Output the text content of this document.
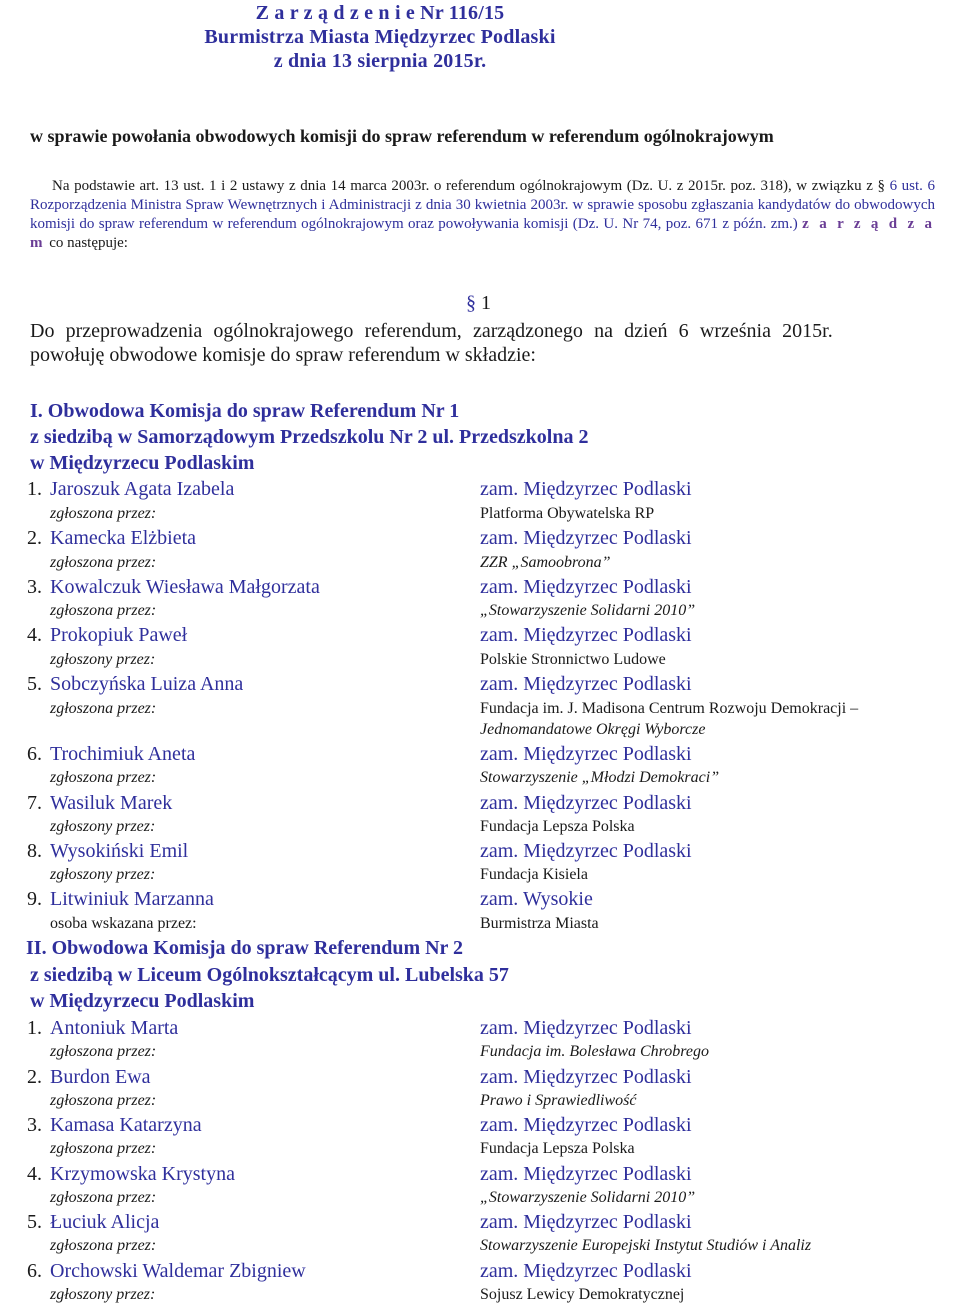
Z a r z ą d z e n i e Nr 116/15
Burmistrza Miasta Międzyrzec Podlaski
z dnia 13 sierpnia 2015r.
w sprawie powołania obwodowych komisji do spraw referendum w referendum ogólnokrajowym
Na podstawie art. 13 ust. 1 i 2 ustawy z dnia 14 marca 2003r. o referendum ogólnokrajowym (Dz. U. z 2015r. poz. 318), w związku z § 6 ust. 6 Rozporządzenia Ministra Spraw Wewnętrznych i Administracji z dnia 30 kwietnia 2003r. w sprawie sposobu zgłaszania kandydatów do obwodowych komisji do spraw referendum w referendum ogólnokrajowym oraz powoływania komisji (Dz. U. Nr 74, poz. 671 z późn. zm.) z a r z ą d z a m co następuje:
§ 1
Do przeprowadzenia ogólnokrajowego referendum, zarządzonego na dzień 6 września 2015r.
powołuję obwodowe komisje do spraw referendum w składzie:
I. Obwodowa Komisja do spraw Referendum Nr 1
z siedzibą w Samorządowym Przedszkolu Nr 2 ul. Przedszkolna 2
w Międzyrzecu Podlaskim
1. Jaroszuk Agata Izabela	zam. Międzyrzec Podlaski
zgłoszona przez:	Platforma Obywatelska RP
2. Kamecka Elżbieta	zam. Międzyrzec Podlaski
zgłoszona przez:	ZZR „Samoobrona”
3. Kowalczuk Wiesława Małgorzata	zam. Międzyrzec Podlaski
zgłoszona przez:	„Stowarzyszenie Solidarni 2010”
4. Prokopiuk Paweł	zam. Międzyrzec Podlaski
zgłoszony przez:	Polskie Stronnictwo Ludowe
5. Sobczyńska Luiza Anna	zam. Międzyrzec Podlaski
zgłoszona przez:	Fundacja im. J. Madisona Centrum Rozwoju Demokracji –
Jednomandatowe Okręgi Wyborcze
6. Trochimiuk Aneta	zam. Międzyrzec Podlaski
zgłoszona przez:	Stowarzyszenie „Młodzi Demokraci”
7. Wasiluk Marek	zam. Międzyrzec Podlaski
zgłoszony przez:	Fundacja Lepsza Polska
8. Wysokiński Emil	zam. Międzyrzec Podlaski
zgłoszony przez:	Fundacja Kisiela
9. Litwiniuk Marzanna	zam. Wysokie
osoba wskazana przez:	Burmistrza Miasta
II. Obwodowa Komisja do spraw Referendum Nr 2
z siedzibą w Liceum Ogólnokształcącym ul. Lubelska 57
w Międzyrzecu Podlaskim
1. Antoniuk Marta	zam. Międzyrzec Podlaski
zgłoszona przez:	Fundacja im. Bolesława Chrobrego
2. Burdon Ewa	zam. Międzyrzec Podlaski
zgłoszona przez:	Prawo i Sprawiedliwość
3. Kamasa Katarzyna	zam. Międzyrzec Podlaski
zgłoszona przez:	Fundacja Lepsza Polska
4. Krzymowska Krystyna	zam. Międzyrzec Podlaski
zgłoszona przez:	„Stowarzyszenie Solidarni 2010”
5. Łuciuk Alicja	zam. Międzyrzec Podlaski
zgłoszona przez:	Stowarzyszenie Europejski Instytut Studiów i Analiz
6. Orchowski Waldemar Zbigniew	zam. Międzyrzec Podlaski
zgłoszony przez:	Sojusz Lewicy Demokratycznej
